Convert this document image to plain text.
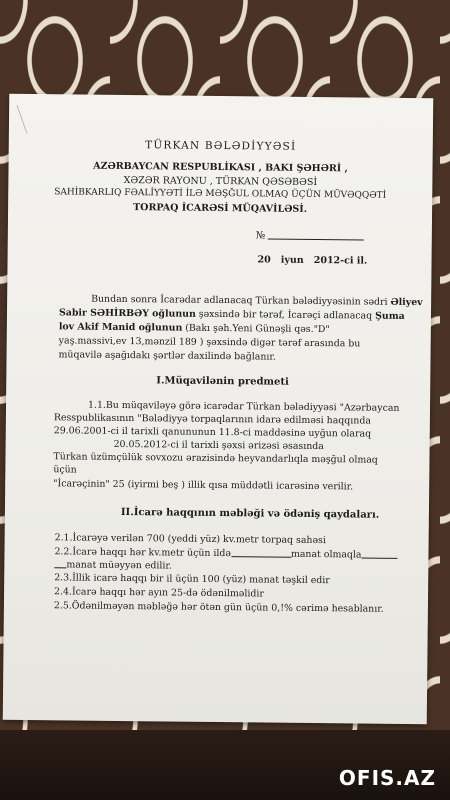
TÜRKAN BƏLƏDİYYƏSİ
AZƏRBAYCAN RESPUBLİKASI , BAKI ŞƏHƏRİ ,
XƏZƏR RAYONU , TÜRKAN QƏSƏBƏSİ
SAHİBKARLIQ FƏALİYYƏTİ İLƏ MƏŞĞUL OLMAQ ÜÇÜN MÜVƏQQƏTİ
TORPAQ İCARƏSİ MÜQAVİLƏSİ.
№
20 iyun 2012-ci il.
Bundan sonra İcarədar adlanacaq Türkan bələdiyyəsinin sədri Əliyev
Sabir SƏHİRBƏY oğlunun şəxsində bir tərəf, İcarəçi adlanacaq Şuma
lov Akif Manid oğlunun (Bakı şəh.Yeni Günəşli qəs."D"
yaş.massivi,ev 13,mənzil 189 ) şəxsində digər tərəf arasında bu
müqavilə aşağıdakı şərtlər daxilində bağlanır.
I.Müqavilənin predmeti
1.1.Bu müqaviləyə görə icarədar Türkan bələdiyyəsi "Azərbaycan
Resspublikasının "Bələdiyyə torpaqlarının idarə edilməsi haqqında
29.06.2001-ci il tarixli qanununun 11.8-ci maddəsinə uyğun olaraq
20.05.2012-ci il tarixli şəxsi ərizəsi əsasında
Türkan üzümçülük sovxozu ərazisində heyvandarlıqla məşğul olmaq
üçün
"İcarəçinin" 25 (iyirmi beş ) illik qısa müddətli icarəsinə verilir.
II.İcarə haqqının məbləği və ödəniş qaydaları.
2.1.İcarəyə verilən 700 (yeddi yüz) kv.metr torpaq sahəsi
2.2.İcarə haqqı hər kv.metr üçün ildə	manat olmaqla
manat müəyyən edilir.
2.3.İllik icarə haqqı bir il üçün 100 (yüz) manat təşkil edir
2.4.İcarə haqqı hər ayın 25-də ödənilməlidir
2.5.Ödənilməyən məbləğə hər ötən gün üçün 0,!% cərimə hesablanır.
OFIS.AZ
